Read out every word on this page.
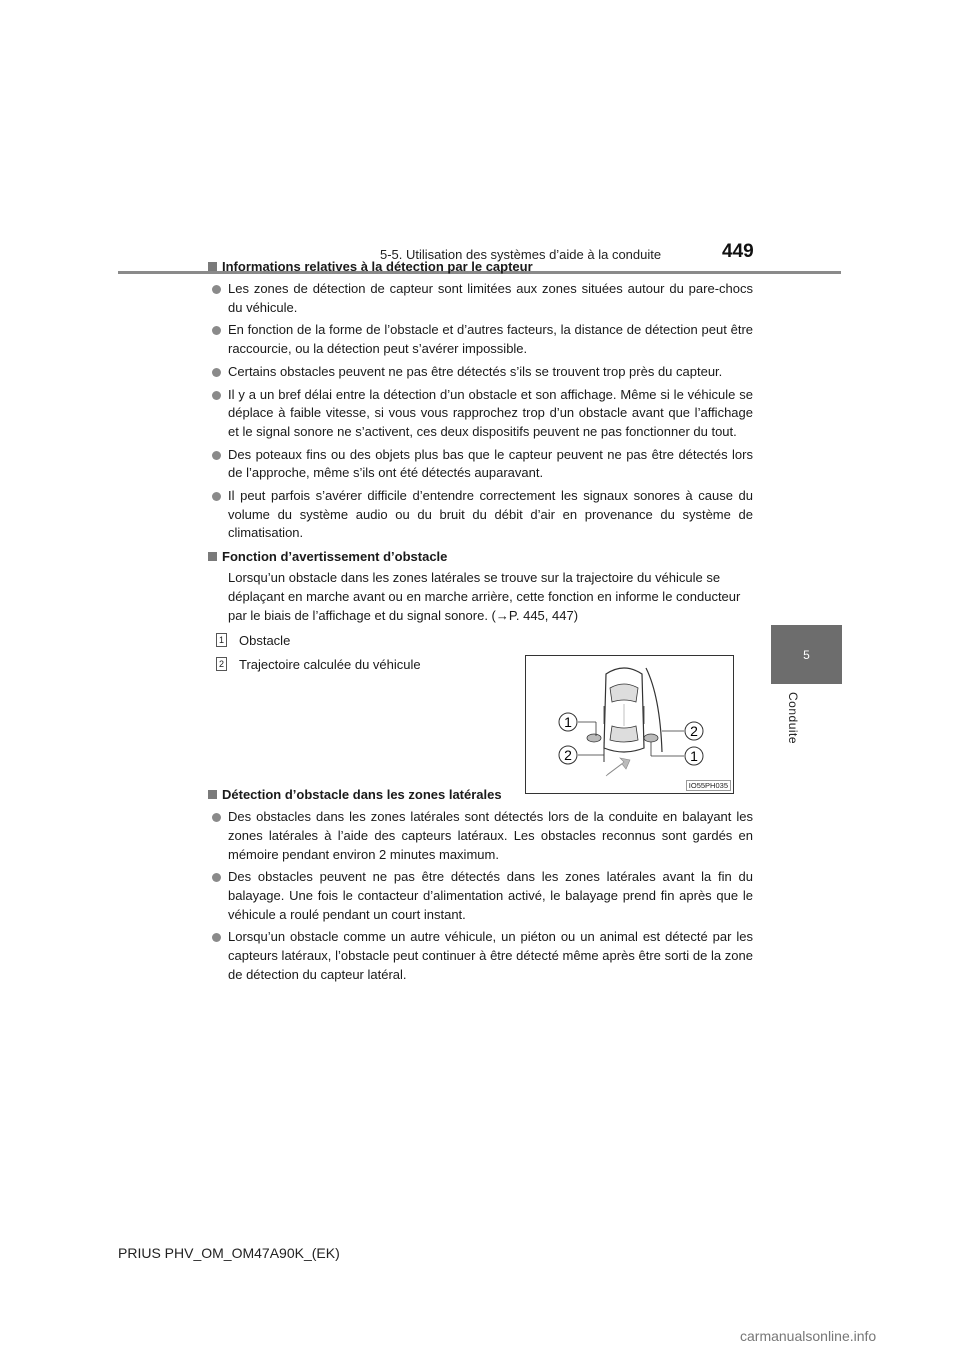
5-5. Utilisation des systèmes d’aide à la conduite	449
5
Conduite
Informations relatives à la détection par le capteur
Les zones de détection de capteur sont limitées aux zones situées autour du pare-chocs du véhicule.
En fonction de la forme de l’obstacle et d’autres facteurs, la distance de détection peut être raccourcie, ou la détection peut s’avérer impossible.
Certains obstacles peuvent ne pas être détectés s’ils se trouvent trop près du capteur.
Il y a un bref délai entre la détection d’un obstacle et son affichage. Même si le véhicule se déplace à faible vitesse, si vous vous rapprochez trop d’un obstacle avant que l’affichage et le signal sonore ne s’activent, ces deux dispositifs peuvent ne pas fonctionner du tout.
Des poteaux fins ou des objets plus bas que le capteur peuvent ne pas être détectés lors de l’approche, même s’ils ont été détectés auparavant.
Il peut parfois s’avérer difficile d’entendre correctement les signaux sonores à cause du volume du système audio ou du bruit du débit d’air en provenance du système de climatisation.
Fonction d’avertissement d’obstacle
Lorsqu’un obstacle dans les zones latérales se trouve sur la trajectoire du véhicule se déplaçant en marche avant ou en marche arrière, cette fonction en informe le conducteur par le biais de l’affichage et du signal sonore. (→P. 445, 447)
1 Obstacle
2 Trajectoire calculée du véhicule
Détection d’obstacle dans les zones latérales
Des obstacles dans les zones latérales sont détectés lors de la conduite en balayant les zones latérales à l’aide des capteurs latéraux. Les obstacles reconnus sont gardés en mémoire pendant environ 2 minutes maximum.
Des obstacles peuvent ne pas être détectés dans les zones latérales avant la fin du balayage. Une fois le contacteur d’alimentation activé, le balayage prend fin après que le véhicule a roulé pendant un court instant.
Lorsqu’un obstacle comme un autre véhicule, un piéton ou un animal est détecté par les capteurs latéraux, l’obstacle peut continuer à être détecté même après être sorti de la zone de détection du capteur latéral.
1
2
2	1
IO55PH035
PRIUS PHV_OM_OM47A90K_(EK)
carmanualsonline.info
